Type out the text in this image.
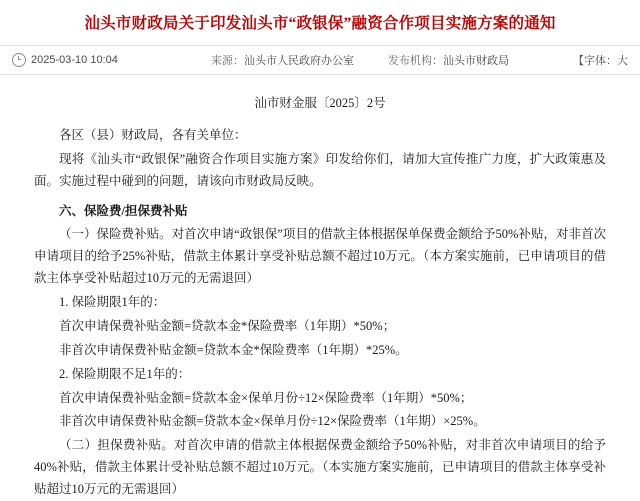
汕头市财政局关于印发汕头市“政银保”融资合作项目实施方案的通知
2025-03-10 10:04	来源：汕头市人民政府办公室	发布机构：汕头市财政局	【字体：大
汕市财金服〔2025〕2号
各区（县）财政局，各有关单位：
现将《汕头市“政银保”融资合作项目实施方案》印发给你们，请加大宣传推广力度，扩大政策惠及面。实施过程中碰到的问题，请该向市财政局反映。
六、保险费/担保费补贴
（一）保险费补贴。对首次申请“政银保”项目的借款主体根据保单保费金额给予50%补贴，对非首次申请项目的给予25%补贴，借款主体累计享受补贴总额不超过10万元。（本方案实施前，已申请项目的借款主体享受补贴超过10万元的无需退回）
1. 保险期限1年的：
首次申请保费补贴金额=贷款本金*保险费率（1年期）*50%；
非首次申请保费补贴金额=贷款本金*保险费率（1年期）*25%。
2. 保险期限不足1年的：
首次申请保费补贴金额=贷款本金×保单月份÷12×保险费率（1年期）*50%；
非首次申请保费补贴金额=贷款本金×保单月份÷12×保险费率（1年期）×25%。
（二）担保费补贴。对首次申请的借款主体根据保费金额给予50%补贴，对非首次申请项目的给予40%补贴，借款主体累计受补贴总额不超过10万元。（本实施方案实施前，已申请项目的借款主体享受补贴超过10万元的无需退回）
